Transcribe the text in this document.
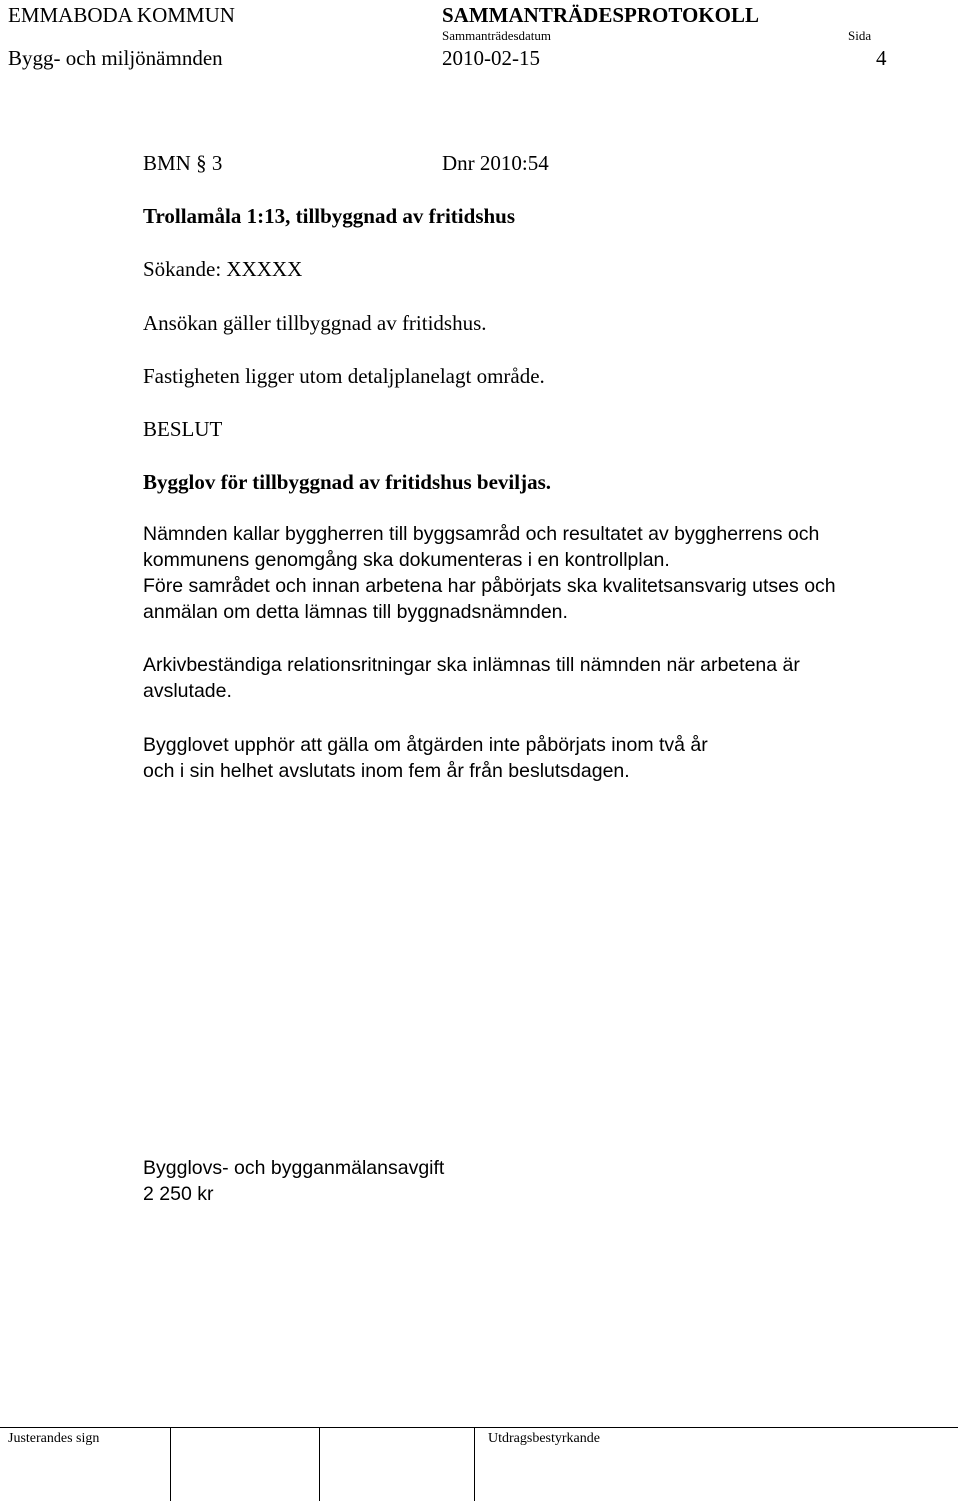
EMMABODA KOMMUN	SAMMANTRÄDESPROTOKOLL
Sammanträdesdatum	Sida
Bygg- och miljönämnden	2010-02-15	4
BMN § 3	Dnr 2010:54
Trollamåla 1:13, tillbyggnad av fritidshus
Sökande: XXXXX
Ansökan gäller tillbyggnad av fritidshus.
Fastigheten ligger utom detaljplanelagt område.
BESLUT
Bygglov för tillbyggnad av fritidshus beviljas.
Nämnden kallar byggherren till byggsamråd och resultatet av byggherrens och
kommunens genomgång ska dokumenteras i en kontrollplan.
Före samrådet och innan arbetena har påbörjats ska kvalitetsansvarig utses och
anmälan om detta lämnas till byggnadsnämnden.
Arkivbeständiga relationsritningar ska inlämnas till nämnden när arbetena är
avslutade.
Bygglovet upphör att gälla om åtgärden inte påbörjats inom två år
och i sin helhet avslutats inom fem år från beslutsdagen.
Bygglovs- och bygganmälansavgift
2 250 kr
Justerandes sign	Utdragsbestyrkande
